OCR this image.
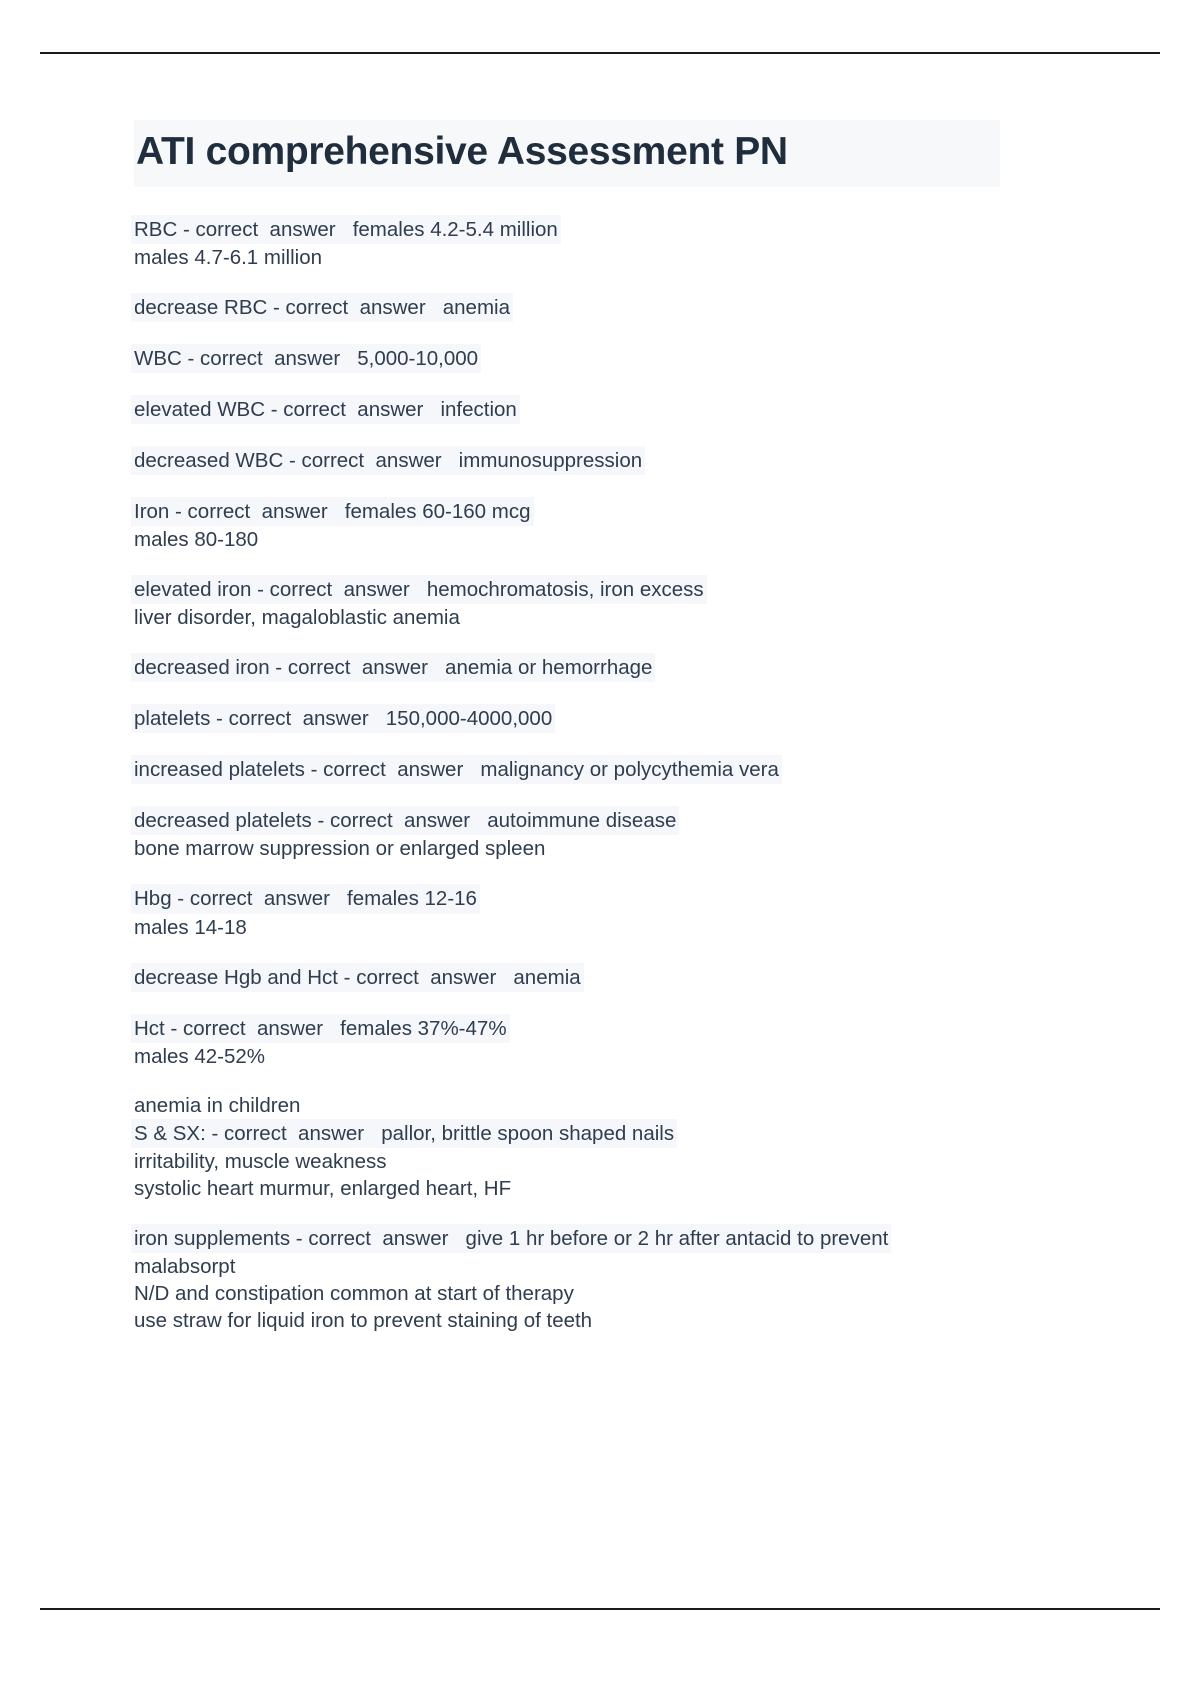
ATI comprehensive Assessment PN
RBC - correct  answer   females 4.2-5.4 million
males 4.7-6.1 million
decrease RBC - correct  answer   anemia
WBC - correct  answer   5,000-10,000
elevated WBC - correct  answer   infection
decreased WBC - correct  answer   immunosuppression
Iron - correct  answer   females 60-160 mcg
males 80-180
elevated iron - correct  answer   hemochromatosis, iron excess
liver disorder, magaloblastic anemia
decreased iron - correct  answer   anemia or hemorrhage
platelets - correct  answer   150,000-4000,000
increased platelets - correct  answer   malignancy or polycythemia vera
decreased platelets - correct  answer   autoimmune disease
bone marrow suppression or enlarged spleen
Hbg - correct  answer   females 12-16
males 14-18
decrease Hgb and Hct - correct  answer   anemia
Hct - correct  answer   females 37%-47%
males 42-52%
anemia in children
S & SX: - correct  answer   pallor, brittle spoon shaped nails
irritability, muscle weakness
systolic heart murmur, enlarged heart, HF
iron supplements - correct  answer   give 1 hr before or 2 hr after antacid to prevent
malabsorpt
N/D and constipation common at start of therapy
use straw for liquid iron to prevent staining of teeth
